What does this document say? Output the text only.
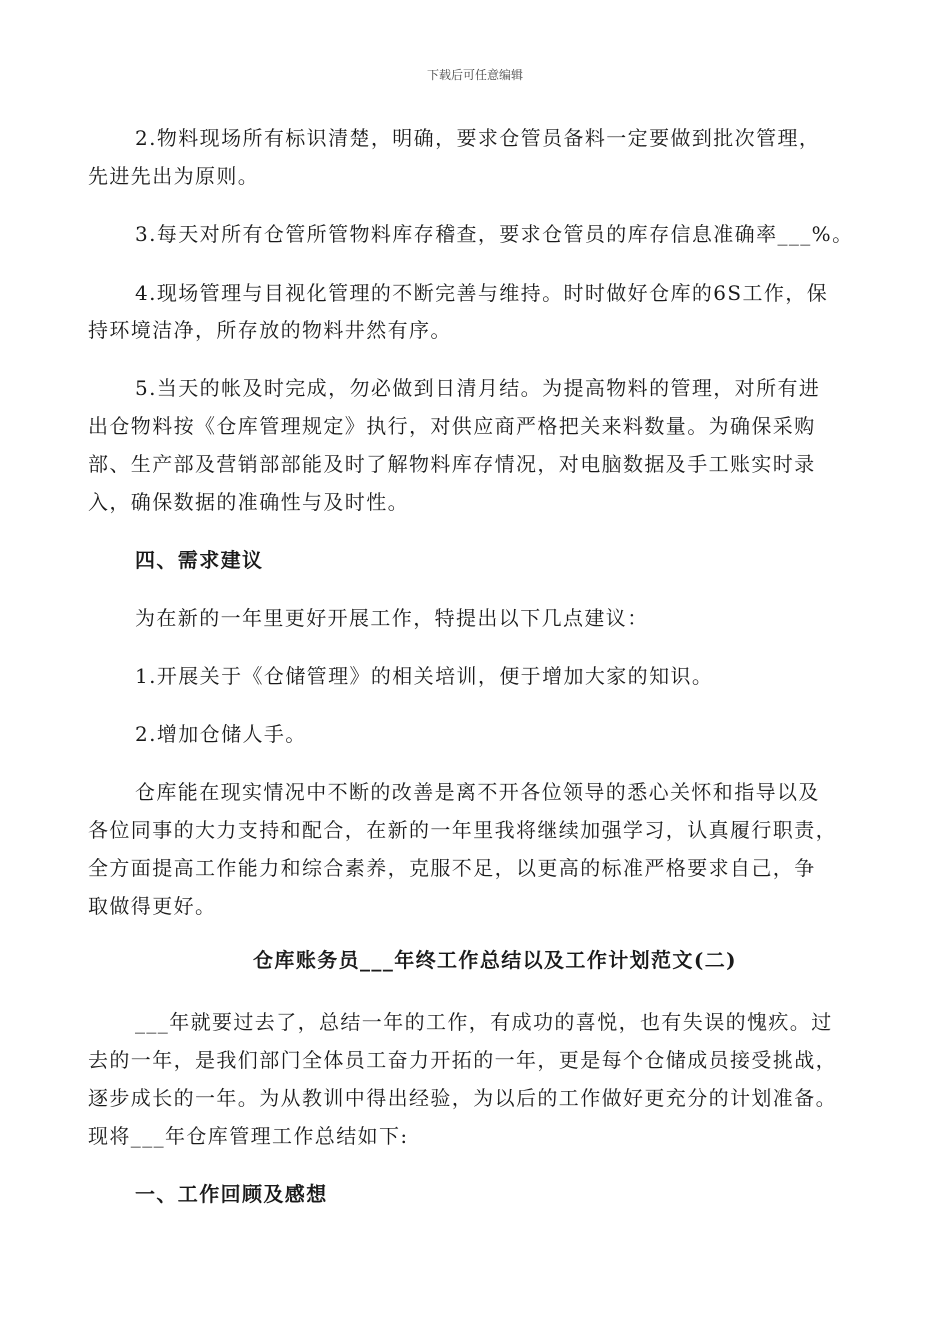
下载后可任意编辑
2.物料现场所有标识清楚，明确，要求仓管员备料一定要做到批次管理，
先进先出为原则。
3.每天对所有仓管所管物料库存稽查，要求仓管员的库存信息准确率___%。
4.现场管理与目视化管理的不断完善与维持。时时做好仓库的6S工作，保
持环境洁净，所存放的物料井然有序。
5.当天的帐及时完成，勿必做到日清月结。为提高物料的管理，对所有进
出仓物料按《仓库管理规定》执行，对供应商严格把关来料数量。为确保采购
部、生产部及营销部部能及时了解物料库存情况，对电脑数据及手工账实时录
入，确保数据的准确性与及时性。
四、需求建议
为在新的一年里更好开展工作，特提出以下几点建议：
1.开展关于《仓储管理》的相关培训，便于增加大家的知识。
2.增加仓储人手。
仓库能在现实情况中不断的改善是离不开各位领导的悉心关怀和指导以及
各位同事的大力支持和配合，在新的一年里我将继续加强学习，认真履行职责，
全方面提高工作能力和综合素养，克服不足，以更高的标准严格要求自己，争
取做得更好。
仓库账务员___年终工作总结以及工作计划范文(二)
___年就要过去了，总结一年的工作，有成功的喜悦，也有失误的愧疚。过
去的一年，是我们部门全体员工奋力开拓的一年，更是每个仓储成员接受挑战，
逐步成长的一年。为从教训中得出经验，为以后的工作做好更充分的计划准备。
现将___年仓库管理工作总结如下:
一、工作回顾及感想
